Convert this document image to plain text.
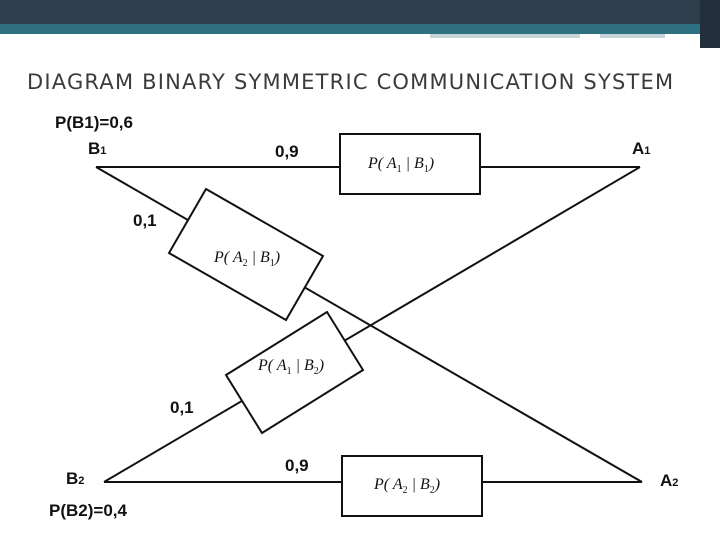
DIAGRAM BINARY SYMMETRIC COMMUNICATION SYSTEM
P( $A_1$ | $B_1$)
P( $A_2$ | $B_1$)
P( $A_1$ | $B_2$)
P( $A_2$ | $B_2$)
0,9
0,1
0,1
0,9
P(B1)=0,6
P(B2)=0,4
B1
B2
A1
A2
